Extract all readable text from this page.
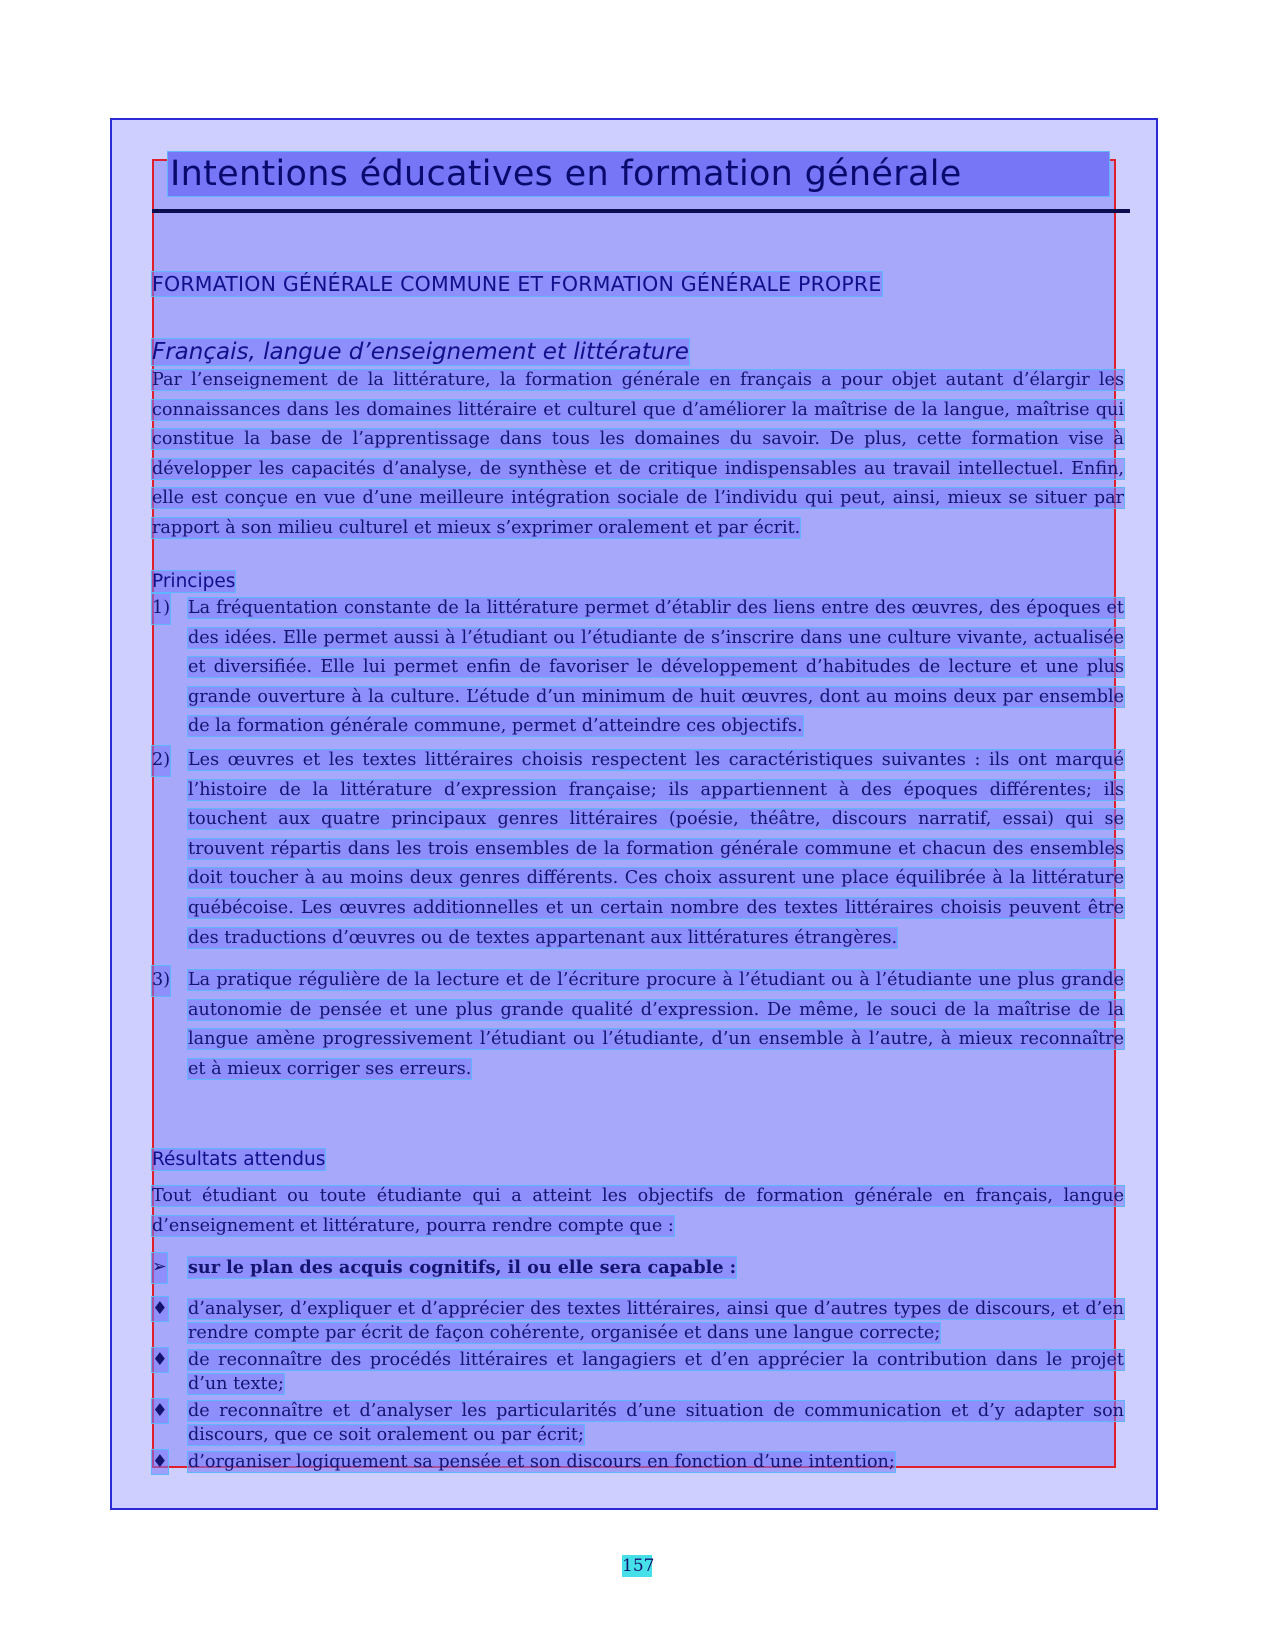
Intentions éducatives en formation générale
FORMATION GÉNÉRALE COMMUNE ET FORMATION GÉNÉRALE PROPRE
Français, langue d’enseignement et littérature

Par l’enseignement de la littérature, la formation générale en français a pour objet autant d’élargir les connaissances dans les domaines littéraire et culturel que d’améliorer la maîtrise de la langue, maîtrise qui constitue la base de l’apprentissage dans tous les domaines du savoir. De plus, cette formation vise à développer les capacités d’analyse, de synthèse et de critique indispensables au travail intellectuel. Enfin, elle est conçue en vue d’une meilleure intégration sociale de l’individu qui peut, ainsi, mieux se situer par rapport à son milieu culturel et mieux s’exprimer oralement et par écrit.

Principes
1) La fréquentation constante de la littérature permet d’établir des liens entre des œuvres, des époques et des idées. Elle permet aussi à l’étudiant ou l’étudiante de s’inscrire dans une culture vivante, actualisée et diversifiée. Elle lui permet enfin de favoriser le développement d’habitudes de lecture et une plus grande ouverture à la culture. L’étude d’un minimum de huit œuvres, dont au moins deux par ensemble de la formation générale commune, permet d’atteindre ces objectifs.
2) Les œuvres et les textes littéraires choisis respectent les caractéristiques suivantes : ils ont marqué l’histoire de la littérature d’expression française; ils appartiennent à des époques différentes; ils touchent aux quatre principaux genres littéraires (poésie, théâtre, discours narratif, essai) qui se trouvent répartis dans les trois ensembles de la formation générale commune et chacun des ensembles doit toucher à au moins deux genres différents. Ces choix assurent une place équilibrée à la littérature québécoise. Les œuvres additionnelles et un certain nombre des textes littéraires choisis peuvent être des traductions d’œuvres ou de textes appartenant aux littératures étrangères.
3) La pratique régulière de la lecture et de l’écriture procure à l’étudiant ou à l’étudiante une plus grande autonomie de pensée et une plus grande qualité d’expression. De même, le souci de la maîtrise de la langue amène progressivement l’étudiant ou l’étudiante, d’un ensemble à l’autre, à mieux reconnaître et à mieux corriger ses erreurs.
Résultats attendus

Tout étudiant ou toute étudiante qui a atteint les objectifs de formation générale en français, langue d’enseignement et littérature, pourra rendre compte que :

➢ sur le plan des acquis cognitifs, il ou elle sera capable :
♦ d’analyser, d’expliquer et d’apprécier des textes littéraires, ainsi que d’autres types de discours, et d’en rendre compte par écrit de façon cohérente, organisée et dans une langue correcte;
♦ de reconnaître des procédés littéraires et langagiers et d’en apprécier la contribution dans le projet d’un texte;
♦ de reconnaître et d’analyser les particularités d’une situation de communication et d’y adapter son discours, que ce soit oralement ou par écrit;
♦ d’organiser logiquement sa pensée et son discours en fonction d’une intention;
157
